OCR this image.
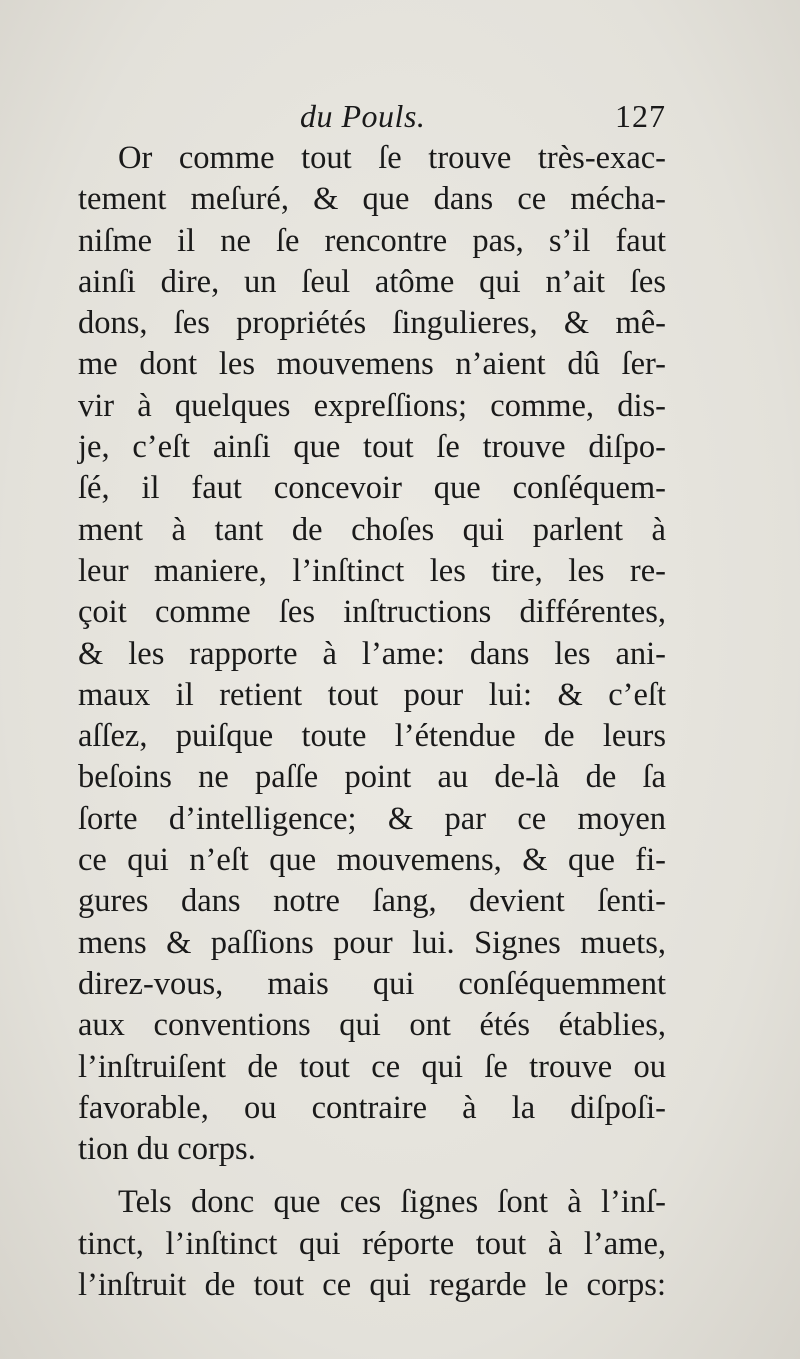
du Pouls.	127
Or comme tout ſe trouve très-exac-
tement meſuré, & que dans ce mécha-
niſme il ne ſe rencontre pas, s’il faut
ainſi dire, un ſeul atôme qui n’ait ſes
dons, ſes propriétés ſingulieres, & mê-
me dont les mouvemens n’aient dû ſer-
vir à quelques expreſſions; comme, dis-
je, c’eſt ainſi que tout ſe trouve diſpo-
ſé, il faut concevoir que conſéquem-
ment à tant de choſes qui parlent à
leur maniere, l’inſtinct les tire, les re-
çoit comme ſes inſtructions différentes,
& les rapporte à l’ame: dans les ani-
maux il retient tout pour lui: & c’eſt
aſſez, puiſque toute l’étendue de leurs
beſoins ne paſſe point au de-là de ſa
ſorte d’intelligence; & par ce moyen
ce qui n’eſt que mouvemens, & que fi-
gures dans notre ſang, devient ſenti-
mens & paſſions pour lui. Signes muets,
direz-vous, mais qui conſéquemment
aux conventions qui ont étés établies,
l’inſtruiſent de tout ce qui ſe trouve ou
favorable, ou contraire à la diſpoſi-
tion du corps.
Tels donc que ces ſignes ſont à l’inſ-
tinct, l’inſtinct qui réporte tout à l’ame,
l’inſtruit de tout ce qui regarde le corps:
